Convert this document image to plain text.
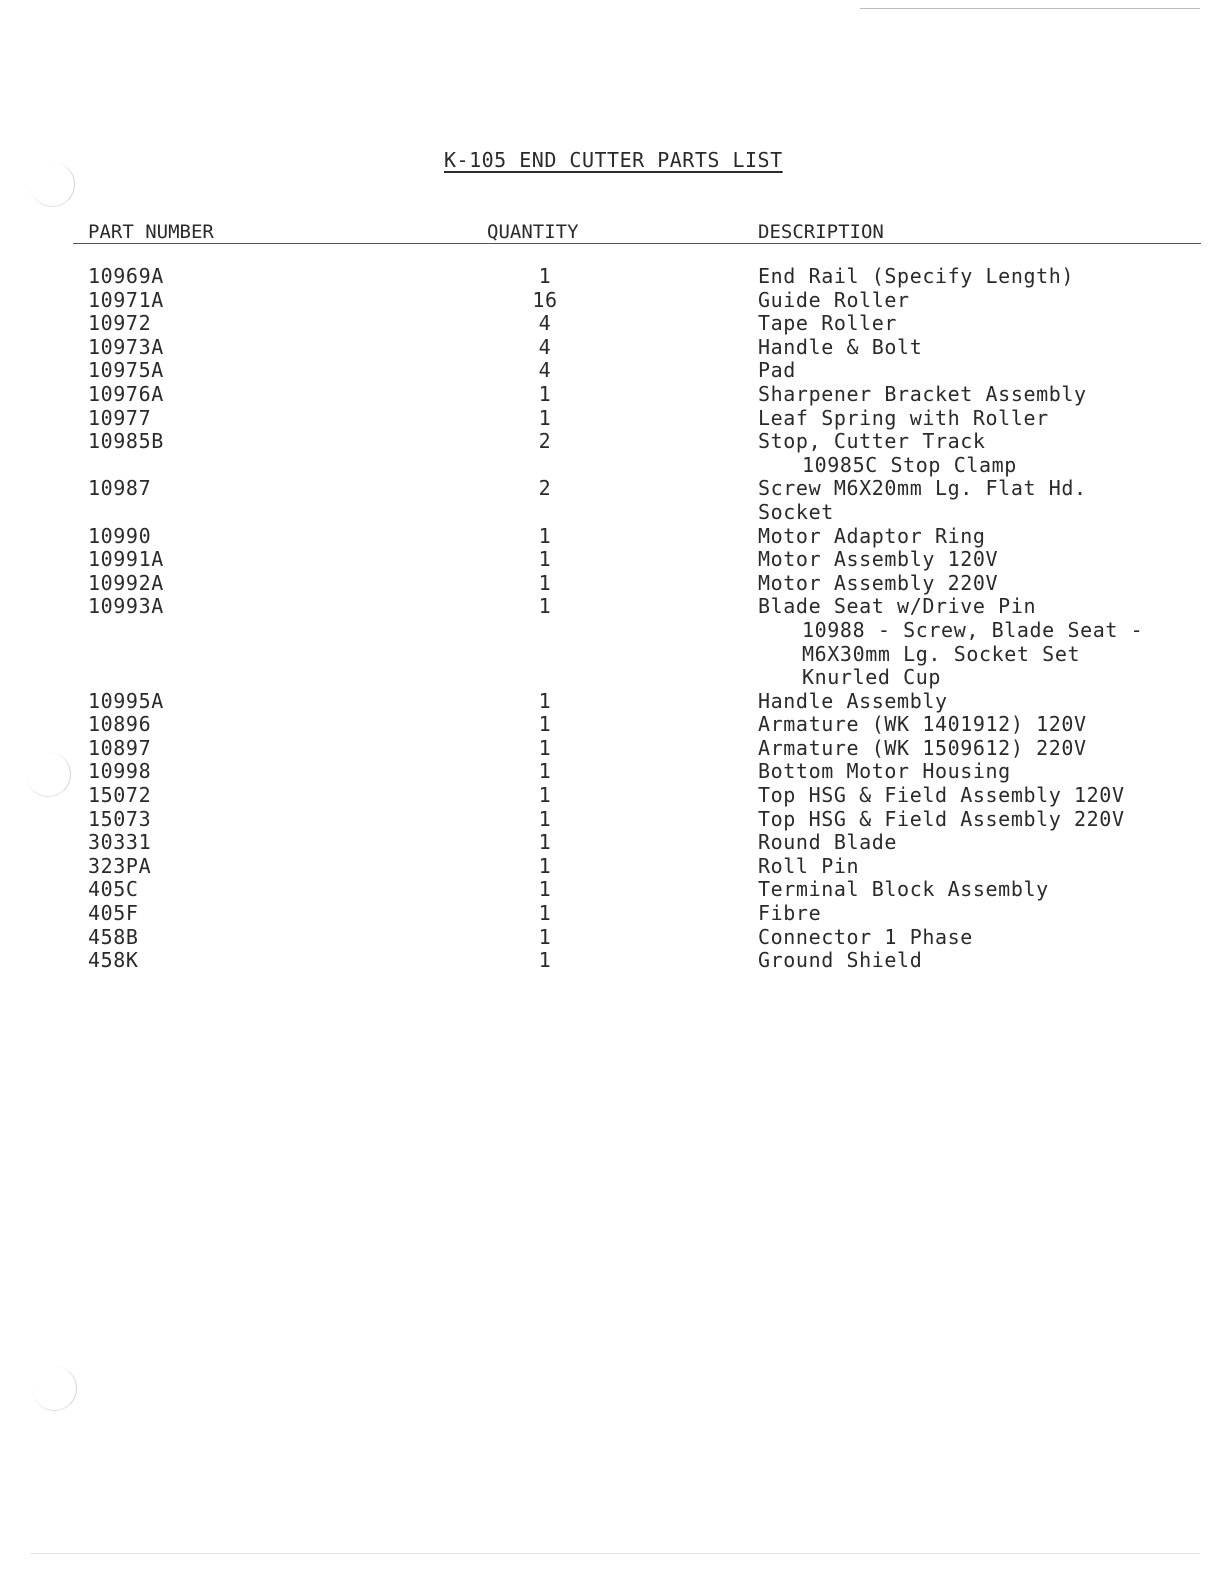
K-105 END CUTTER PARTS LIST
PART NUMBER	QUANTITY	DESCRIPTION
10969A	1	End Rail (Specify Length)
10971A	16	Guide Roller
10972	4	Tape Roller
10973A	4	Handle & Bolt
10975A	4	Pad
10976A	1	Sharpener Bracket Assembly
10977	1	Leaf Spring with Roller
10985B	2	Stop, Cutter Track
10985C Stop Clamp
10987	2	Screw M6X20mm Lg. Flat Hd.
Socket
10990	1	Motor Adaptor Ring
10991A	1	Motor Assembly 120V
10992A	1	Motor Assembly 220V
10993A	1	Blade Seat w/Drive Pin
10988 - Screw, Blade Seat -
M6X30mm Lg. Socket Set
Knurled Cup
10995A	1	Handle Assembly
10896	1	Armature (WK 1401912) 120V
10897	1	Armature (WK 1509612) 220V
10998	1	Bottom Motor Housing
15072	1	Top HSG & Field Assembly 120V
15073	1	Top HSG & Field Assembly 220V
30331	1	Round Blade
323PA	1	Roll Pin
405C	1	Terminal Block Assembly
405F	1	Fibre
458B	1	Connector 1 Phase
458K	1	Ground Shield
